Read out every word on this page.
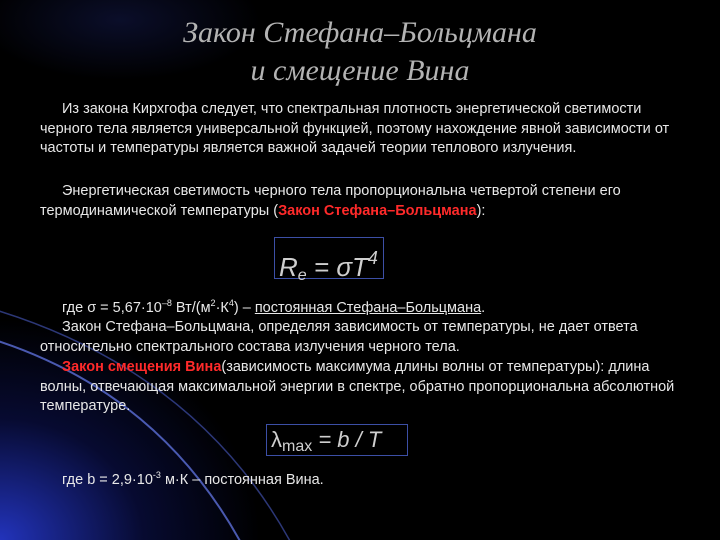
Закон Стефана–Больцмана
и смещение Вина

Из закона Кирхгофа следует, что спектральная плотность энергетической светимости черного тела является универсальной функцией, поэтому нахождение явной зависимости от частоты и температуры является важной задачей теории теплового излучения.

Энергетическая светимость черного тела пропорциональна четвертой степени его термодинамической температуры (Закон Стефана–Больцмана):

$R_e = \sigma T^4$

где $\sigma = 5,67\cdot 10^{-8}$ $Вт/(м^2\cdot К^4)$ – постоянная Стефана–Больцмана.

Закон Стефана–Больцмана, определяя зависимость от температуры, не дает ответа относительно спектрального состава излучения черного тела.

Закон смещения Вина(зависимость максимума длины волны от температуры): длина волны, отвечающая максимальной энергии в спектре, обратно пропорциональна абсолютной температуре.

$\lambda_{max} = b / T$

где $b = 2,9\cdot 10^{-3}$ м·К – постоянная Вина.
